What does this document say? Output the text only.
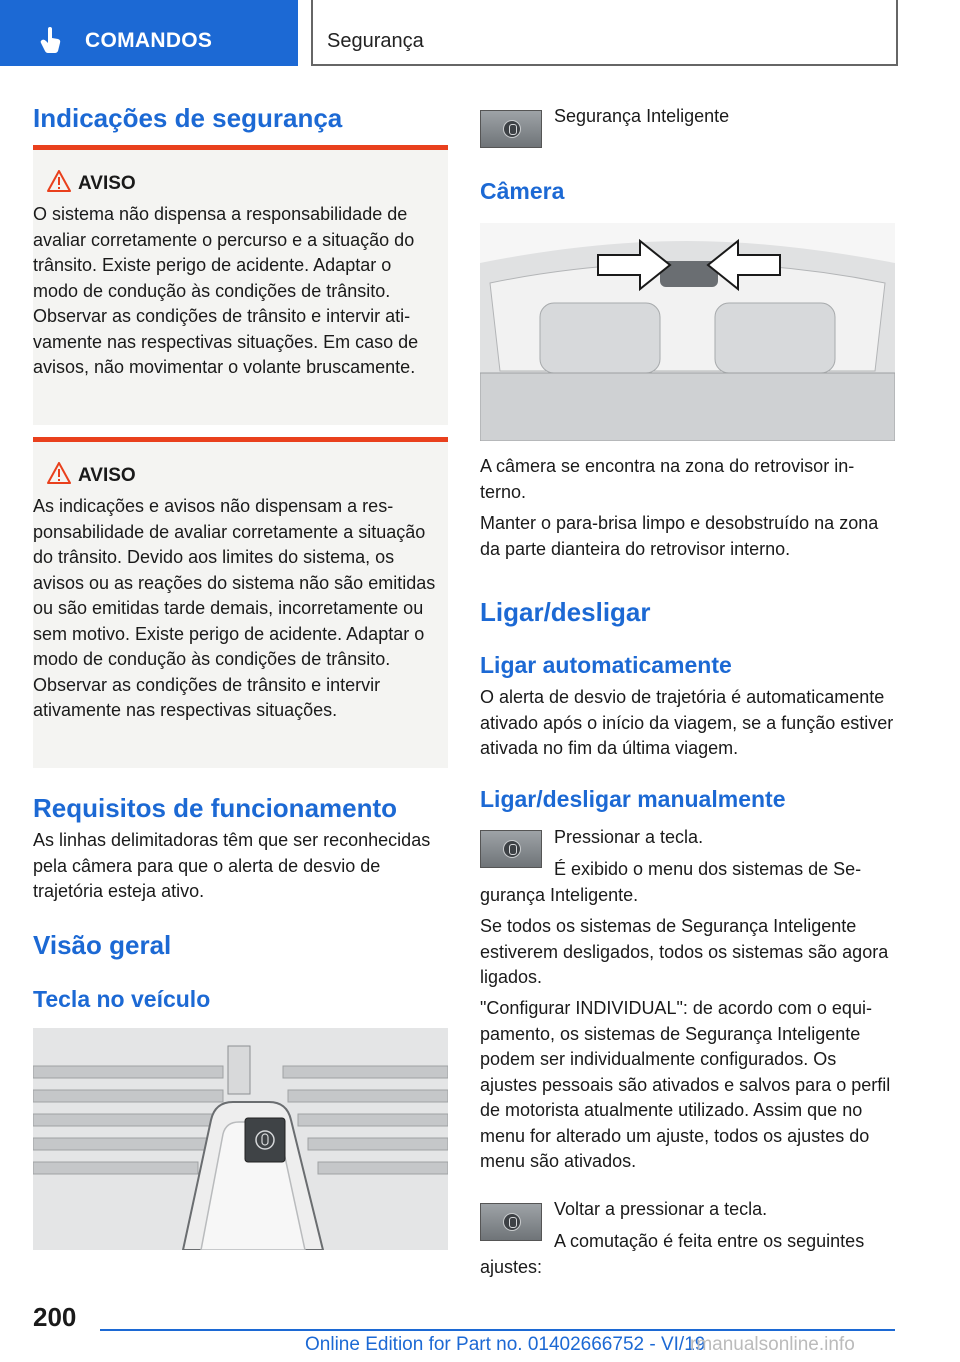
COMANDOS	Segurança
Indicações de segurança
AVISO

O sistema não dispensa a responsabilidade de avaliar corretamente o percurso e a situação do trânsito. Existe perigo de acidente. Adaptar o modo de condução às condições de trânsito. Observar as condições de trânsito e intervir ativamente nas respectivas situações. Em caso de avisos, não movimentar o volante bruscamente.

AVISO

As indicações e avisos não dispensam a responsabilidade de avaliar corretamente a situação do trânsito. Devido aos limites do sistema, os avisos ou as reações do sistema não são emitidas ou são emitidas tarde demais, incorretamente ou sem motivo. Existe perigo de acidente. Adaptar o modo de condução às condições de trânsito. Observar as condições de trânsito e intervir ativamente nas respectivas situações.

Requisitos de funcionamento

As linhas delimitadoras têm que ser reconhecidas pela câmera para que o alerta de desvio de trajetória esteja ativo.

Visão geral
Tecla no veículo

Segurança Inteligente

Câmera

A câmera se encontra na zona do retrovisor interno.

Manter o para-brisa limpo e desobstruído na zona da parte dianteira do retrovisor interno.

Ligar/desligar
Ligar automaticamente

O alerta de desvio de trajetória é automaticamente ativado após o início da viagem, se a função estiver ativada no fim da última viagem.

Ligar/desligar manualmente

Pressionar a tecla.

É exibido o menu dos sistemas de Segurança Inteligente.

Se todos os sistemas de Segurança Inteligente estiverem desligados, todos os sistemas são agora ligados.

"Configurar INDIVIDUAL": de acordo com o equipamento, os sistemas de Segurança Inteligente podem ser individualmente configurados. Os ajustes pessoais são ativados e salvos para o perfil de motorista atualmente utilizado. Assim que no menu for alterado um ajuste, todos os ajustes do menu são ativados.

Voltar a pressionar a tecla.

A comutação é feita entre os seguintes ajustes:

200
Online Edition for Part no. 01402666752 - VI/19
rmanualsonline.info
